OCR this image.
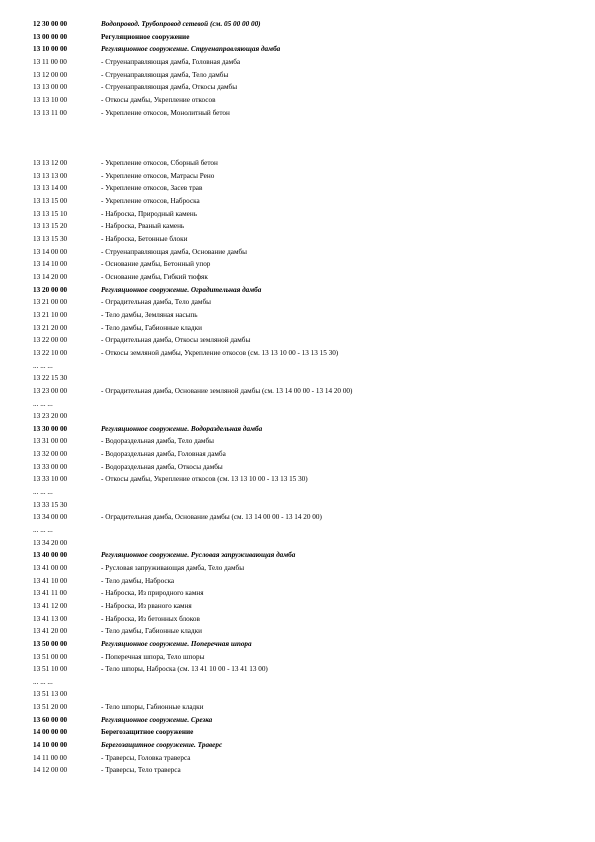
12 30 00 00	Водопровод. Трубопровод сетевой (см. 05 00 00 00)
13 00 00 00	Регуляционное сооружение
13 10 00 00	Регуляционное сооружение. Струенаправляющая дамба
13 11 00 00	- Струенаправляющая дамба, Головная дамба
13 12 00 00	- Струенаправляющая дамба, Тело дамбы
13 13 00 00	- Струенаправляющая дамба, Откосы дамбы
13 13 10 00	- Откосы дамбы, Укрепление откосов
13 13 11 00	- Укрепление откосов, Монолитный бетон
13 13 12 00	- Укрепление откосов, Сборный бетон
13 13 13 00	- Укрепление откосов, Матрасы Рено
13 13 14 00	- Укрепление откосов, Засев трав
13 13 15 00	- Укрепление откосов, Наброска
13 13 15 10	- Наброска, Природный камень
13 13 15 20	- Наброска, Рваный камень
13 13 15 30	- Наброска, Бетонные блоки
13 14 00 00	- Струенаправляющая дамба, Основание дамбы
13 14 10 00	- Основание дамбы, Бетонный упор
13 14 20 00	- Основание дамбы, Гибкий тюфяк
13 20 00 00	Регуляционное сооружение. Оградительная дамба
13 21 00 00	- Оградительная дамба, Тело дамбы
13 21 10 00	- Тело дамбы, Земляная насыпь
13 21 20 00	- Тело дамбы, Габионные кладки
13 22 00 00	- Оградительная дамба, Откосы земляной дамбы
13 22 10 00	- Откосы земляной дамбы, Укрепление откосов (см. 13 13 10 00 - 13 13 15 30)
... ... ...
13 22 15 30
13 23 00 00	- Оградительная дамба, Основание земляной дамбы (см. 13 14 00 00 - 13 14 20 00)
... ... ...
13 23 20 00
13 30 00 00	Регуляционное сооружение. Водораздельная дамба
13 31 00 00	- Водораздельная дамба, Тело дамбы
13 32 00 00	- Водораздельная дамба, Головная дамба
13 33 00 00	- Водораздельная дамба, Откосы дамбы
13 33 10 00	- Откосы дамбы, Укрепление откосов (см. 13 13 10 00 - 13 13 15 30)
... ... ...
13 33 15 30
13 34 00 00	- Оградительная дамба, Основание дамбы (см. 13 14 00 00 - 13 14 20 00)
... ... ...
13 34 20 00
13 40 00 00	Регуляционное сооружение. Русловая запруживающая дамба
13 41 00 00	- Русловая запруживающая дамба, Тело дамбы
13 41 10 00	- Тело дамбы, Наброска
13 41 11 00	- Наброска, Из природного камня
13 41 12 00	- Наброска, Из рваного камня
13 41 13 00	- Наброска, Из бетонных блоков
13 41 20 00	- Тело дамбы, Габионные кладки
13 50 00 00	Регуляционное сооружение. Поперечная шпора
13 51 00 00	- Поперечная шпора, Тело шпоры
13 51 10 00	- Тело шпоры, Наброска (см. 13 41 10 00 - 13 41 13 00)
... ... ...
13 51 13 00
13 51 20 00	- Тело шпоры, Габионные кладки
13 60 00 00	Регуляционное сооружение. Срезка
14 00 00 00	Берегозащитное сооружение
14 10 00 00	Берегозащитное сооружение. Траверс
14 11 00 00	- Траверсы, Головка траверса
14 12 00 00	- Траверсы, Тело траверса
